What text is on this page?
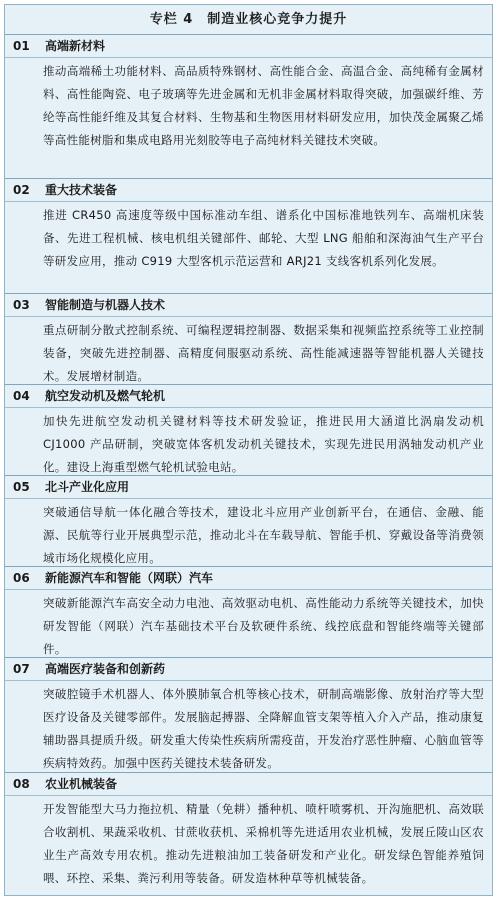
专栏 4　制造业核心竞争力提升
01	高端新材料
推动高端稀土功能材料、高品质特殊钢材、高性能合金、高温合金、高纯稀有金属材料、高性能陶瓷、电子玻璃等先进金属和无机非金属材料取得突破，加强碳纤维、芳纶等高性能纤维及其复合材料、生物基和生物医用材料研发应用，加快茂金属聚乙烯等高性能树脂和集成电路用光刻胶等电子高纯材料关键技术突破。
02	重大技术装备
推进 CR450 高速度等级中国标准动车组、谱系化中国标准地铁列车、高端机床装备、先进工程机械、核电机组关键部件、邮轮、大型 LNG 船舶和深海油气生产平台等研发应用，推动 C919 大型客机示范运营和 ARJ21 支线客机系列化发展。
03	智能制造与机器人技术
重点研制分散式控制系统、可编程逻辑控制器、数据采集和视频监控系统等工业控制装备，突破先进控制器、高精度伺服驱动系统、高性能减速器等智能机器人关键技术。发展增材制造。
04	航空发动机及燃气轮机
加快先进航空发动机关键材料等技术研发验证，推进民用大涵道比涡扇发动机 CJ1000 产品研制，突破宽体客机发动机关键技术，实现先进民用涡轴发动机产业化。建设上海重型燃气轮机试验电站。
05	北斗产业化应用
突破通信导航一体化融合等技术，建设北斗应用产业创新平台，在通信、金融、能源、民航等行业开展典型示范，推动北斗在车载导航、智能手机、穿戴设备等消费领域市场化规模化应用。
06	新能源汽车和智能（网联）汽车
突破新能源汽车高安全动力电池、高效驱动电机、高性能动力系统等关键技术，加快研发智能（网联）汽车基础技术平台及软硬件系统、线控底盘和智能终端等关键部件。
07	高端医疗装备和创新药
突破腔镜手术机器人、体外膜肺氧合机等核心技术，研制高端影像、放射治疗等大型医疗设备及关键零部件。发展脑起搏器、全降解血管支架等植入介入产品，推动康复辅助器具提质升级。研发重大传染性疾病所需疫苗，开发治疗恶性肿瘤、心脑血管等疾病特效药。加强中医药关键技术装备研发。
08	农业机械装备
开发智能型大马力拖拉机、精量（免耕）播种机、喷杆喷雾机、开沟施肥机、高效联合收割机、果蔬采收机、甘蔗收获机、采棉机等先进适用农业机械，发展丘陵山区农业生产高效专用农机。推动先进粮油加工装备研发和产业化。研发绿色智能养殖饲喂、环控、采集、粪污利用等装备。研发造林种草等机械装备。
